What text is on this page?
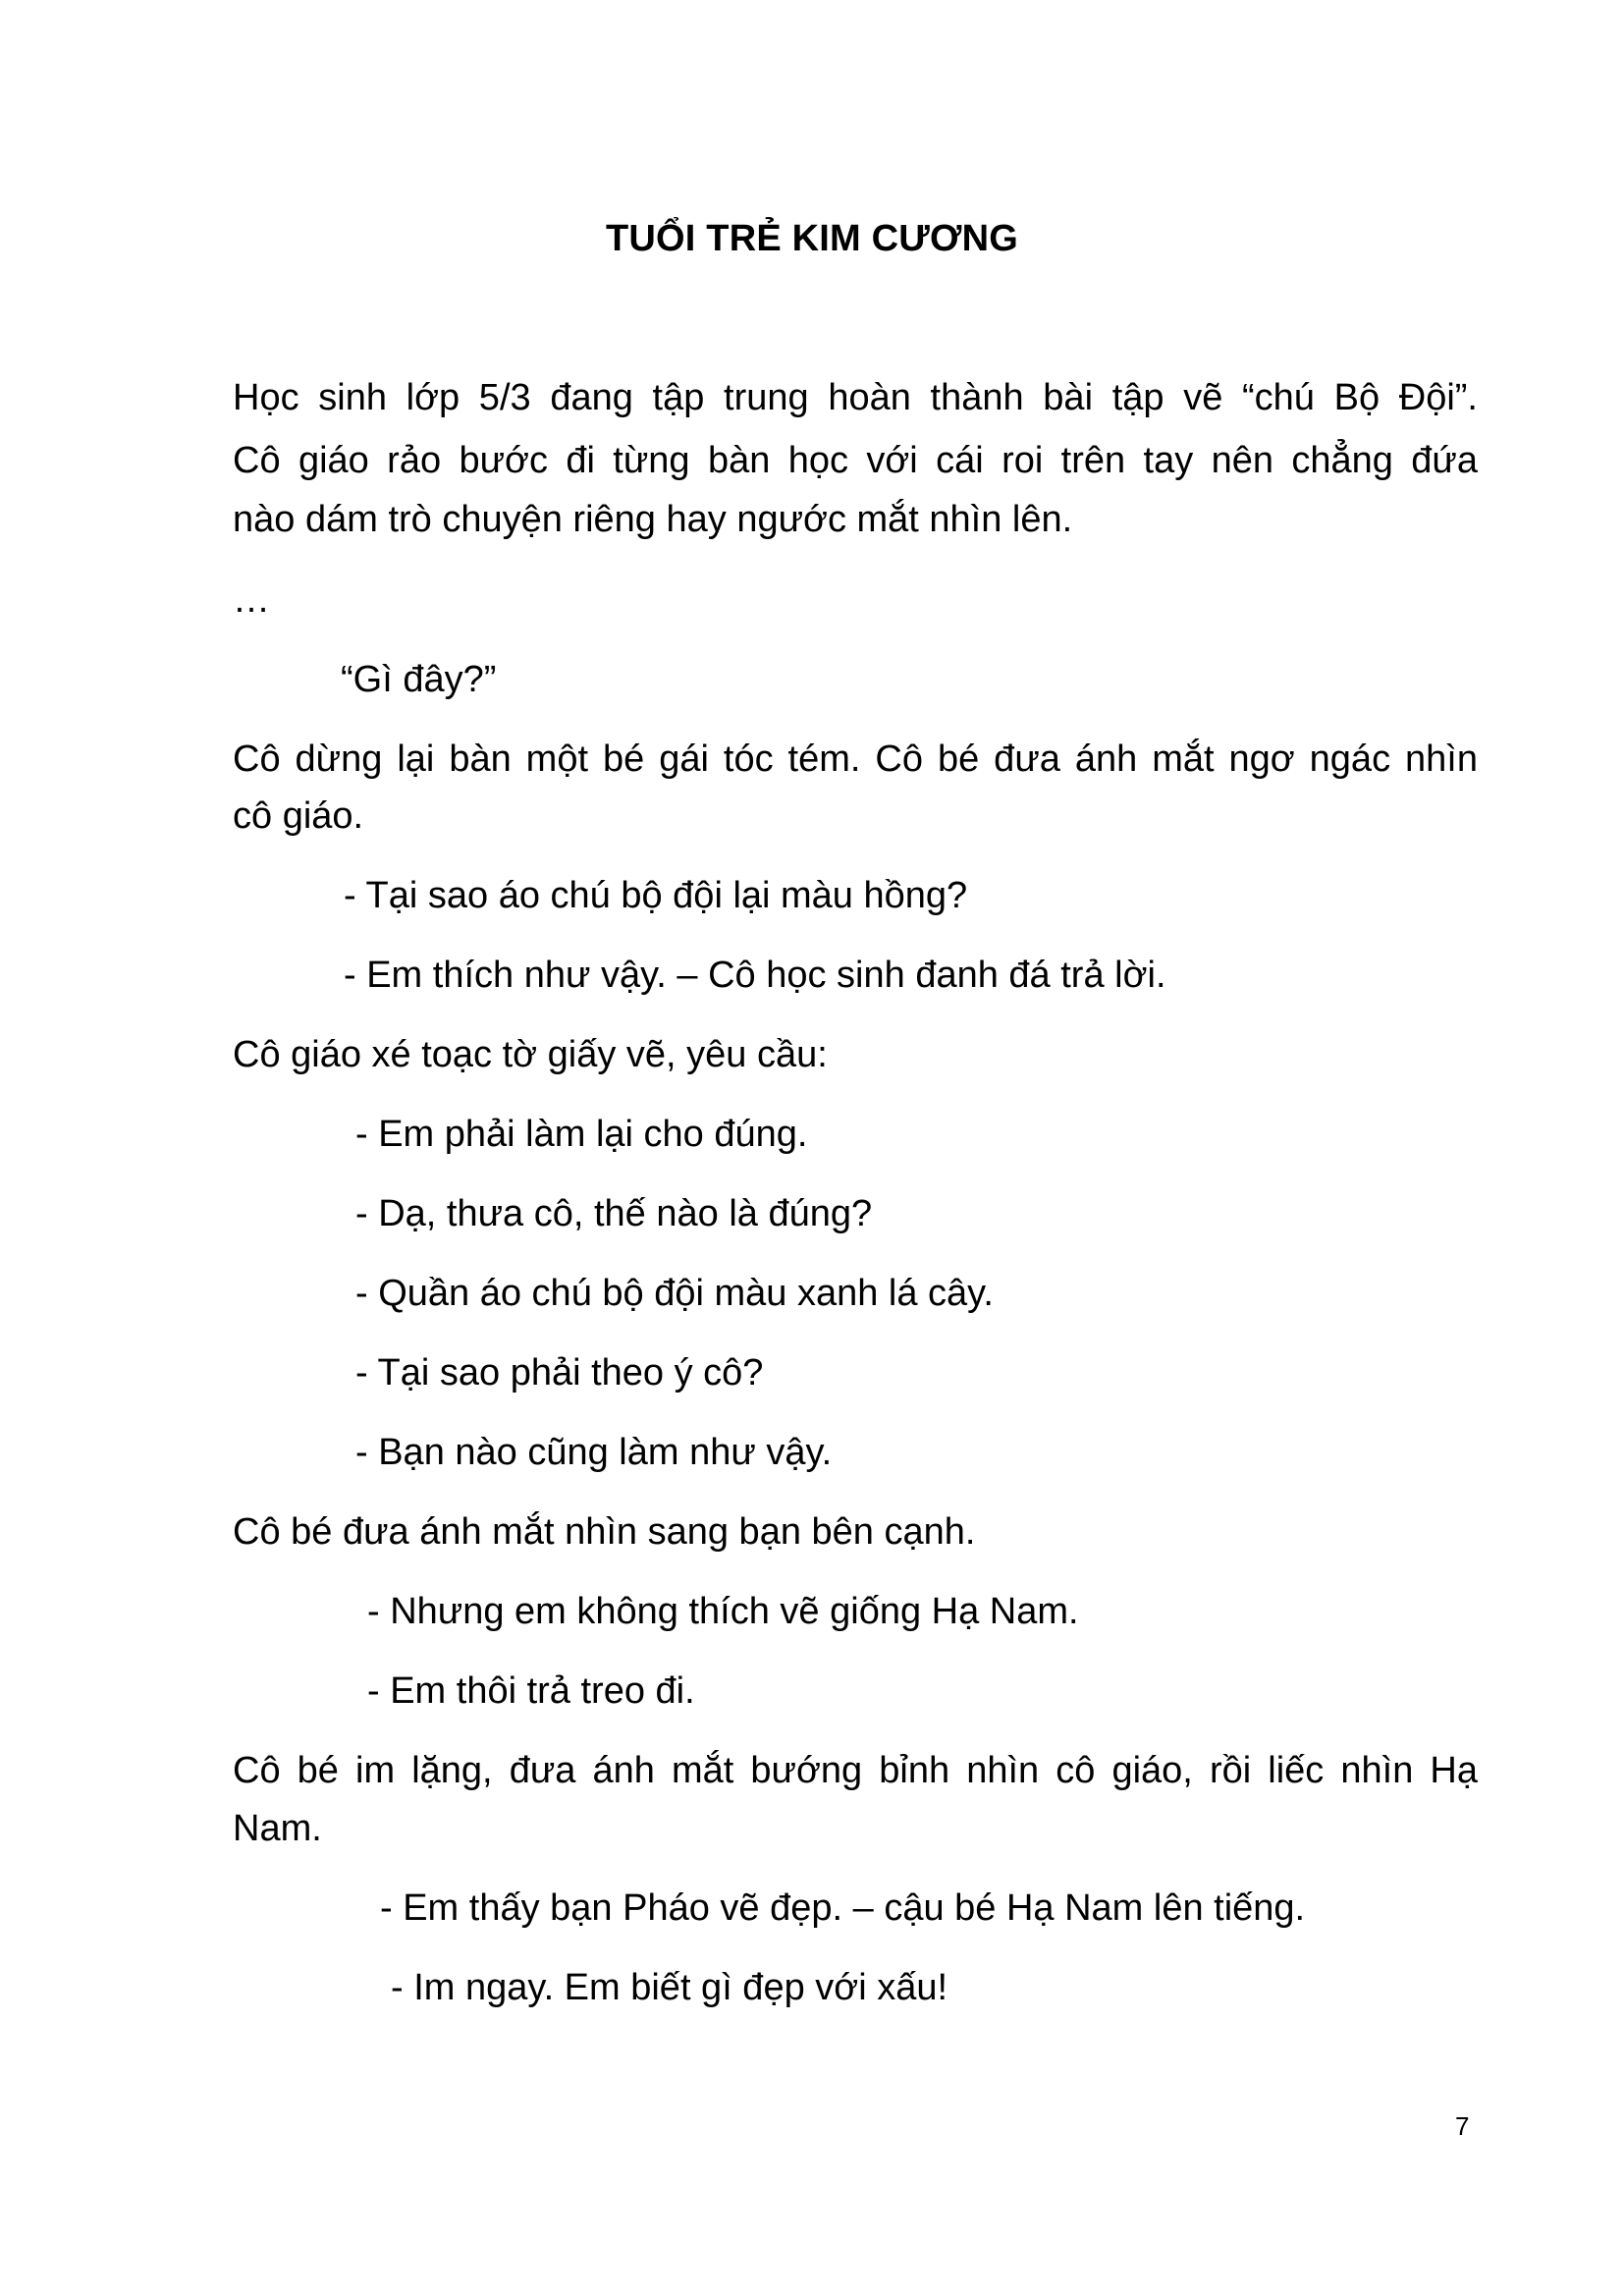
TUỔI TRẺ KIM CƯƠNG
Học sinh lớp 5/3 đang tập trung hoàn thành bài tập vẽ “chú Bộ Đội”.
Cô giáo rảo bước đi từng bàn học với cái roi trên tay nên chẳng đứa
nào dám trò chuyện riêng hay ngước mắt nhìn lên.
…
“Gì đây?”
Cô dừng lại bàn một bé gái tóc tém. Cô bé đưa ánh mắt ngơ ngác nhìn
cô giáo.
- Tại sao áo chú bộ đội lại màu hồng?
- Em thích như vậy. – Cô học sinh đanh đá trả lời.
Cô giáo xé toạc tờ giấy vẽ, yêu cầu:
- Em phải làm lại cho đúng.
- Dạ, thưa cô, thế nào là đúng?
- Quần áo chú bộ đội màu xanh lá cây.
- Tại sao phải theo ý cô?
- Bạn nào cũng làm như vậy.
Cô bé đưa ánh mắt nhìn sang bạn bên cạnh.
- Nhưng em không thích vẽ giống Hạ Nam.
- Em thôi trả treo đi.
Cô bé im lặng, đưa ánh mắt bướng bỉnh nhìn cô giáo, rồi liếc nhìn Hạ
Nam.
- Em thấy bạn Pháo vẽ đẹp. – cậu bé Hạ Nam lên tiếng.
- Im ngay. Em biết gì đẹp với xấu!
7
